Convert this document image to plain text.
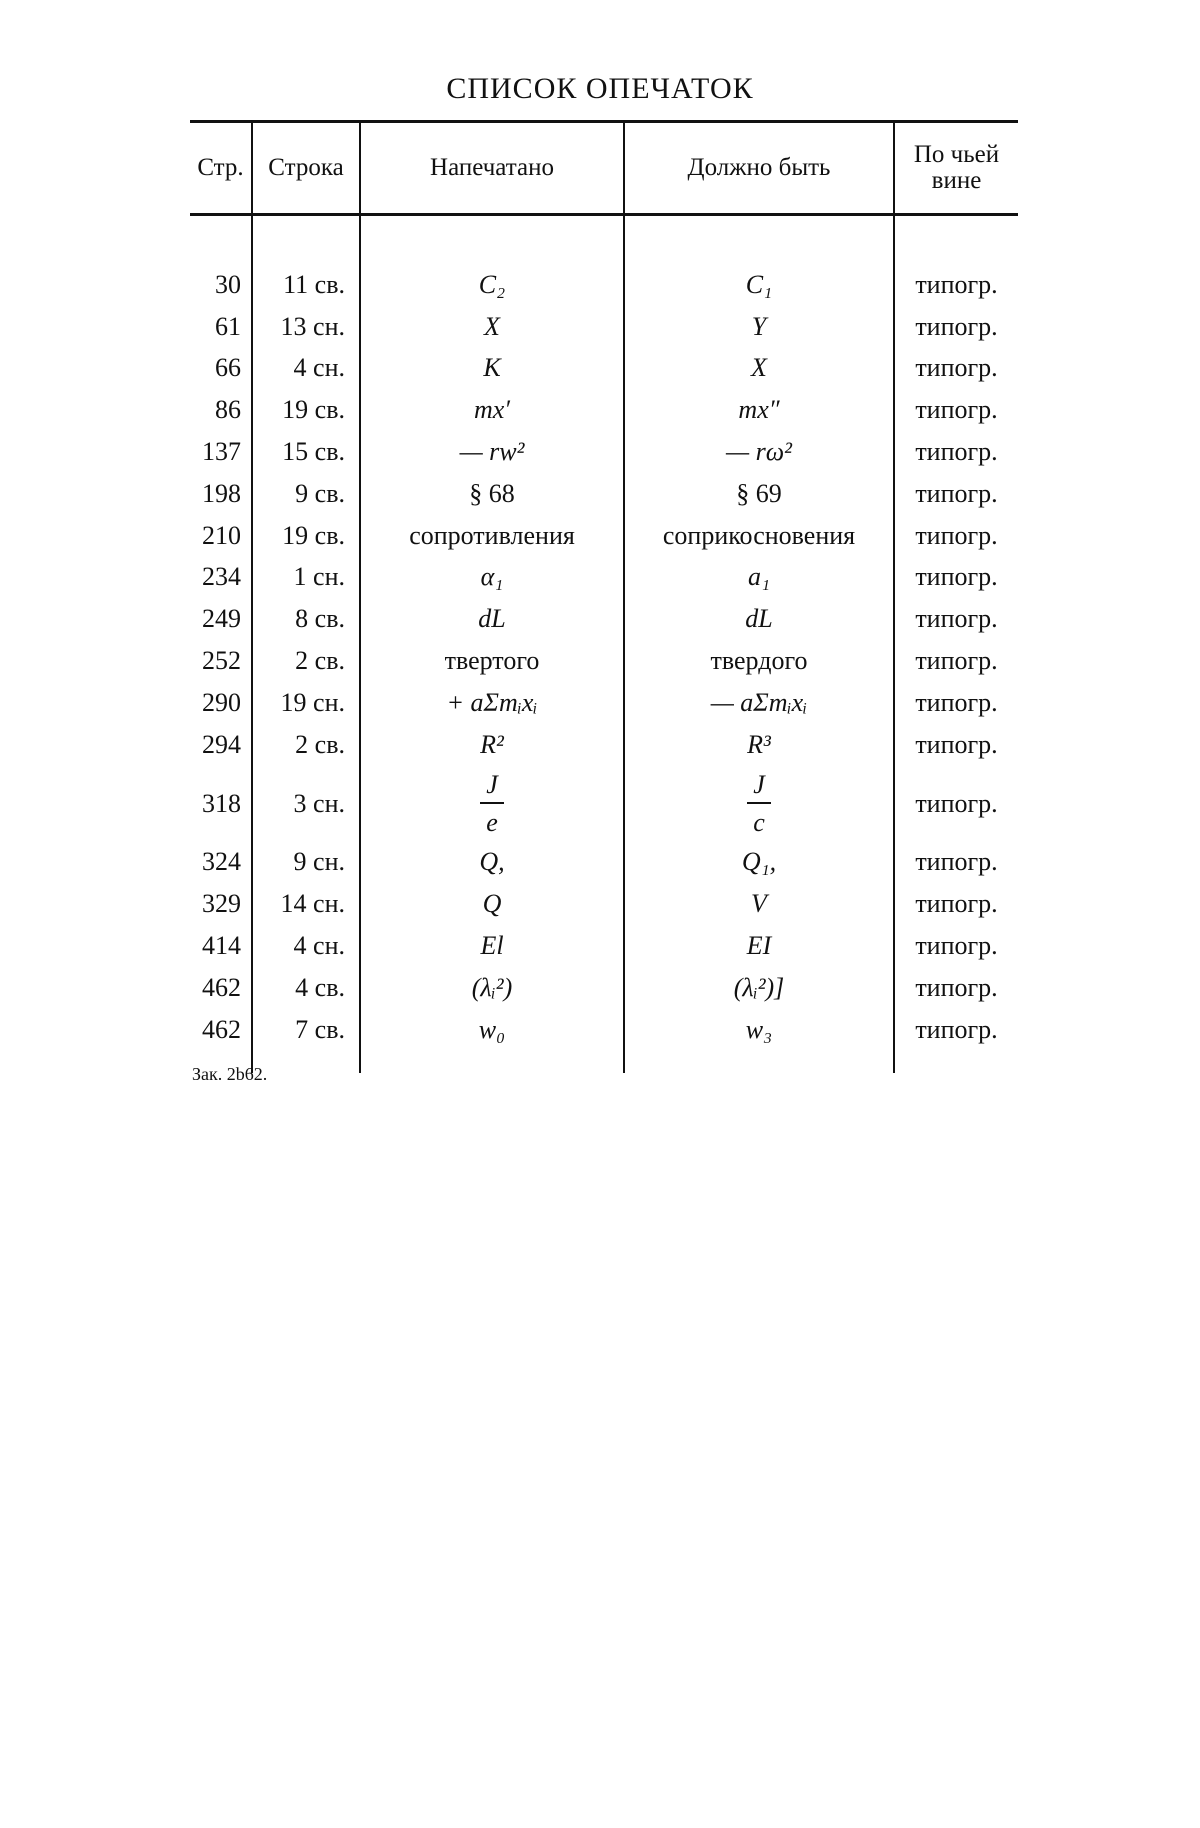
СПИСОК ОПЕЧАТОК
Стр.	Строка	Напечатано	Должно быть	По чьей вине

30	11 св.	C₂	C₁	типогр.
61	13 сн.	X	Y	типогр.
66	4 сн.	K	X	типогр.
86	19 св.	mx′	mx″	типогр.
137	15 св.	— rw²	— rω²	типогр.
198	9 св.	§ 68	§ 69	типогр.
210	19 св.	сопротивления	соприкосновения	типогр.
234	1 сн.	α₁	a₁	типогр.
249	8 св.	dL	dL	типогр.
252	2 св.	твертого	твердого	типогр.
290	19 сн.	+ aΣmᵢxᵢ	— aΣmᵢxᵢ	типогр.
294	2 св.	R²	R³	типогр.
318	3 сн.	$\frac{J}{e}$	$\frac{J}{c}$	типогр.
324	9 сн.	Q,	Q₁,	типогр.
329	14 сн.	Q	V	типогр.
414	4 сн.	El	EI	типогр.
462	4 св.	(λᵢ²)	(λᵢ²)]	типогр.
462	7 св.	w₀	w₃	типогр.
Зак. 2b62.
